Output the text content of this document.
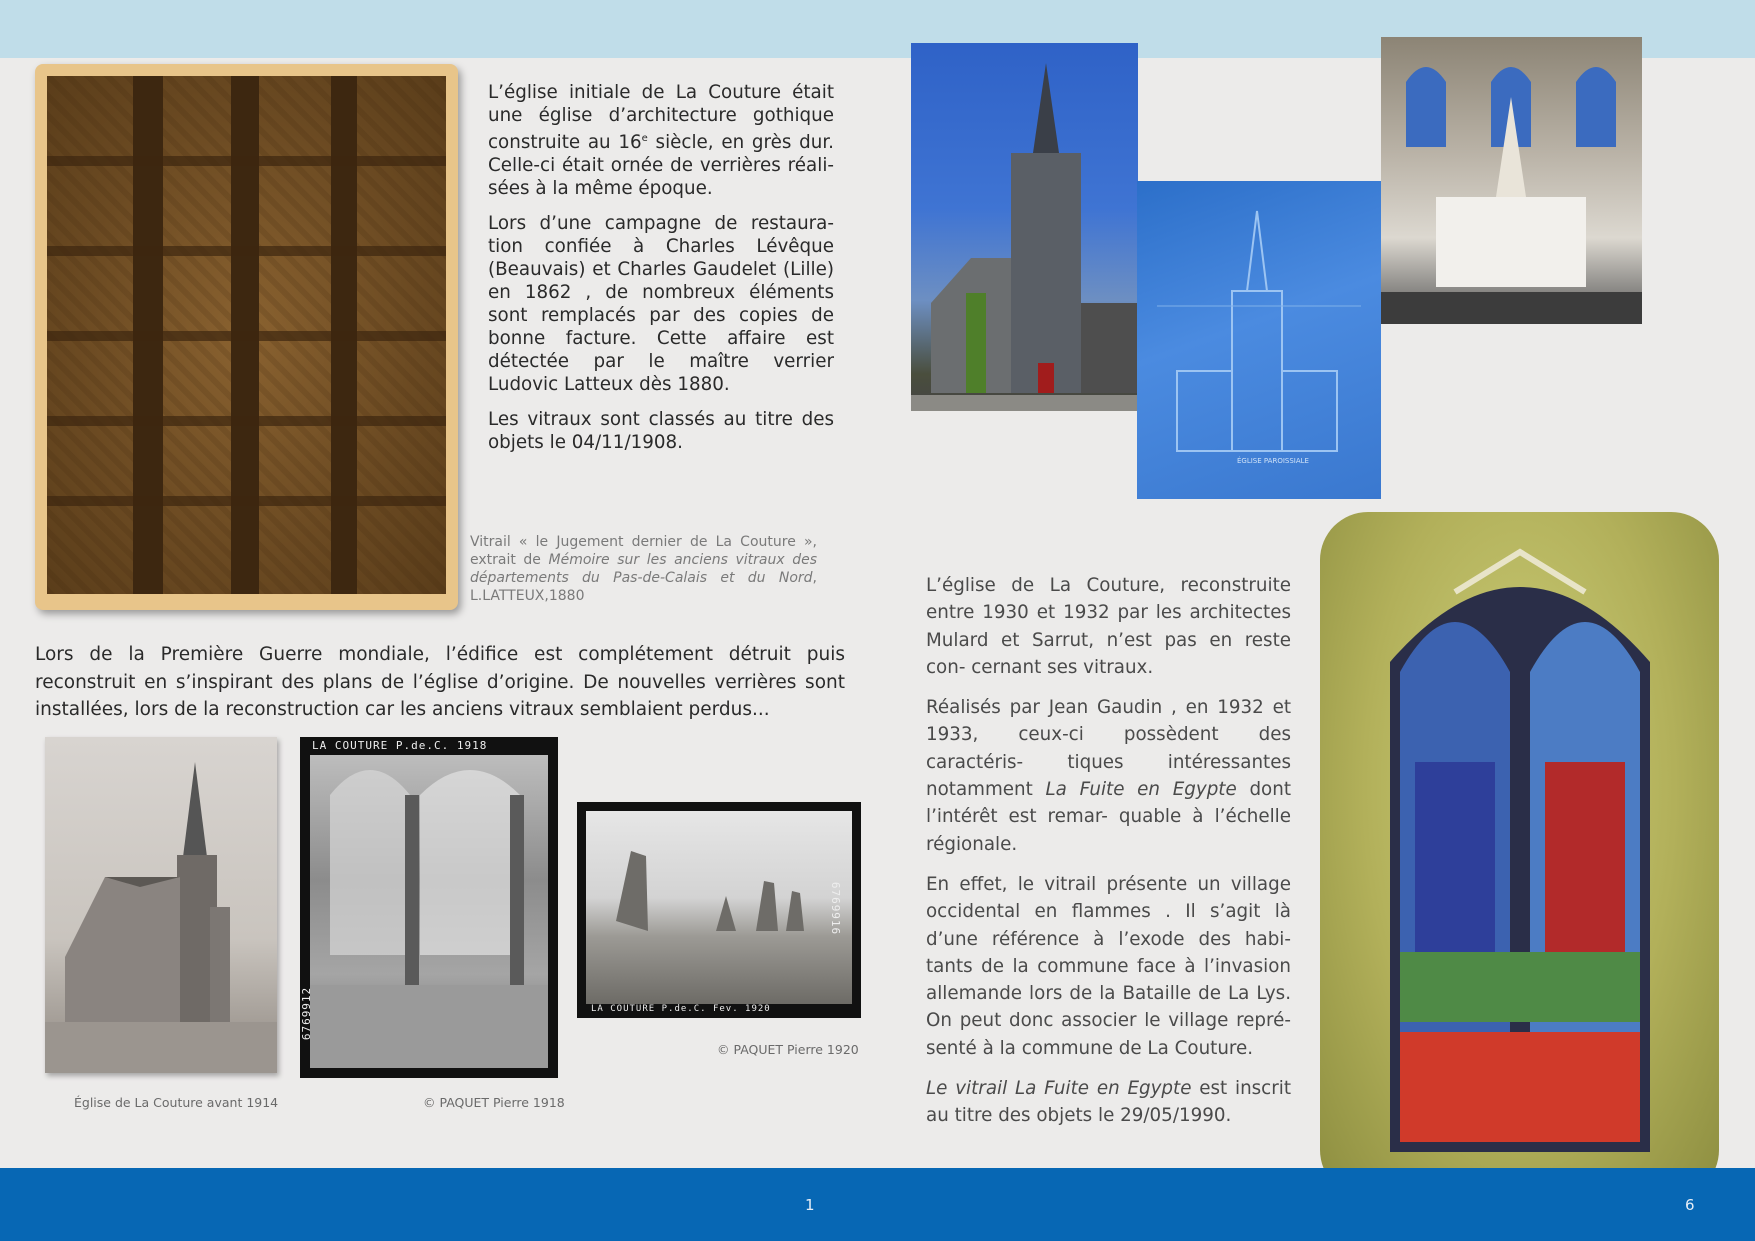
L’église initiale de La Couture était une église d’architecture gothique construite au 16e siècle, en grès dur. Celle-ci était ornée de verrières réali- sées à la même époque.

Lors d’une campagne de restaura- tion confiée à Charles Lévêque (Beauvais) et Charles Gaudelet (Lille) en 1862 , de nombreux éléments sont remplacés par des copies de bonne facture. Cette affaire est détectée par le maître verrier Ludovic Latteux dès 1880.

Les vitraux sont classés au titre des objets le 04/11/1908.

Vitrail « le Jugement dernier de La Couture », extrait de Mémoire sur les anciens vitraux des départements du Pas-de-Calais et du Nord, L.LATTEUX,1880
Lors de la Première Guerre mondiale, l’édifice est complétement détruit puis reconstruit en s’inspirant des plans de l’église d’origine. De nouvelles verrières sont installées, lors de la reconstruction car les anciens vitraux semblaient perdus...
Église de La Couture avant 1914
LA COUTURE P.de.C. 1918
6769912
© PAQUET Pierre 1918
6769916
LA COUTURE P.de.C. Fev. 1920
© PAQUET Pierre 1920
ÉGLISE PAROISSIALE

L’église de La Couture, reconstruite entre 1930 et 1932 par les architectes Mulard et Sarrut, n’est pas en reste con- cernant ses vitraux.

Réalisés par Jean Gaudin , en 1932 et 1933, ceux-ci possèdent des caractéris- tiques intéressantes notamment La Fuite en Egypte dont l’intérêt est remar- quable à l’échelle régionale.

En effet, le vitrail présente un village occidental en flammes . Il s’agit là d’une référence à l’exode des habi- tants de la commune face à l’invasion allemande lors de la Bataille de La Lys. On peut donc associer le village repré- senté à la commune de La Couture.

Le vitrail La Fuite en Egypte est inscrit au titre des objets le 29/05/1990.

1	6
